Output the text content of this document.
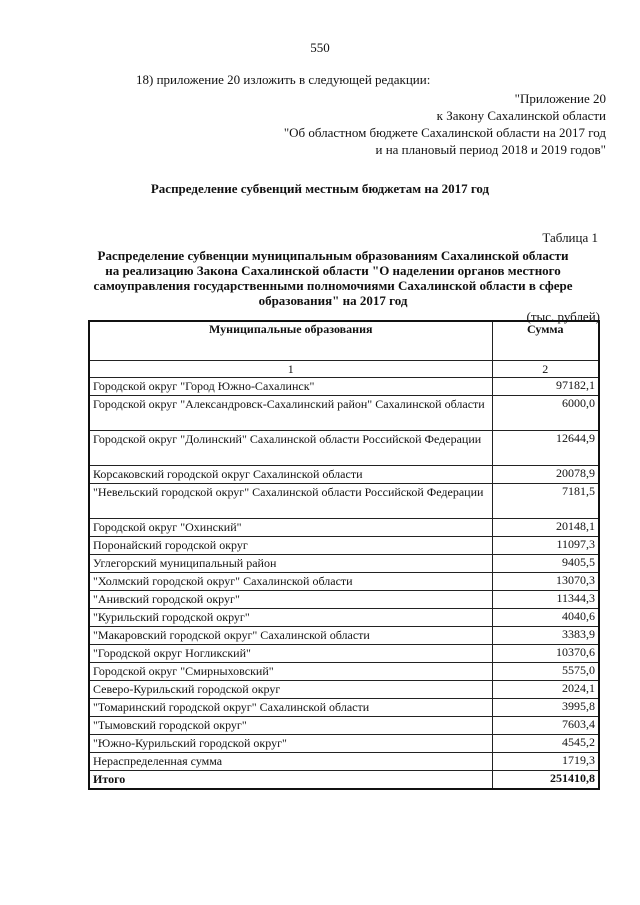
550
18) приложение 20 изложить в следующей редакции:
"Приложение 20
к Закону Сахалинской области
"Об областном бюджете Сахалинской области на 2017 год
и на плановый период 2018 и 2019 годов"
Распределение субвенций местным бюджетам на 2017 год
Таблица 1
Распределение субвенции муниципальным образованиям Сахалинской области
на реализацию Закона Сахалинской области "О наделении органов местного
самоуправления государственными полномочиями Сахалинской области в сфере
образования" на 2017 год
(тыс. рублей)
Муниципальные образования	Сумма
1	2
Городской округ "Город Южно-Сахалинск"	97182,1
Городской округ "Александровск-Сахалинский район" Сахалинской области	6000,0
Городской округ "Долинский" Сахалинской области Российской Федерации	12644,9
Корсаковский городской округ Сахалинской области	20078,9
"Невельский городской округ" Сахалинской области Российской Федерации	7181,5
Городской округ "Охинский"	20148,1
Поронайский городской округ	11097,3
Углегорский муниципальный район	9405,5
"Холмский городской округ" Сахалинской области	13070,3
"Анивский городской округ"	11344,3
"Курильский городской округ"	4040,6
"Макаровский городской округ" Сахалинской области	3383,9
"Городской округ Ногликский"	10370,6
Городской округ "Смирныховский"	5575,0
Северо-Курильский городской округ	2024,1
"Томаринский городской округ" Сахалинской области	3995,8
"Тымовский городской округ"	7603,4
"Южно-Курильский городской округ"	4545,2
Нераспределенная сумма	1719,3
Итого	251410,8
